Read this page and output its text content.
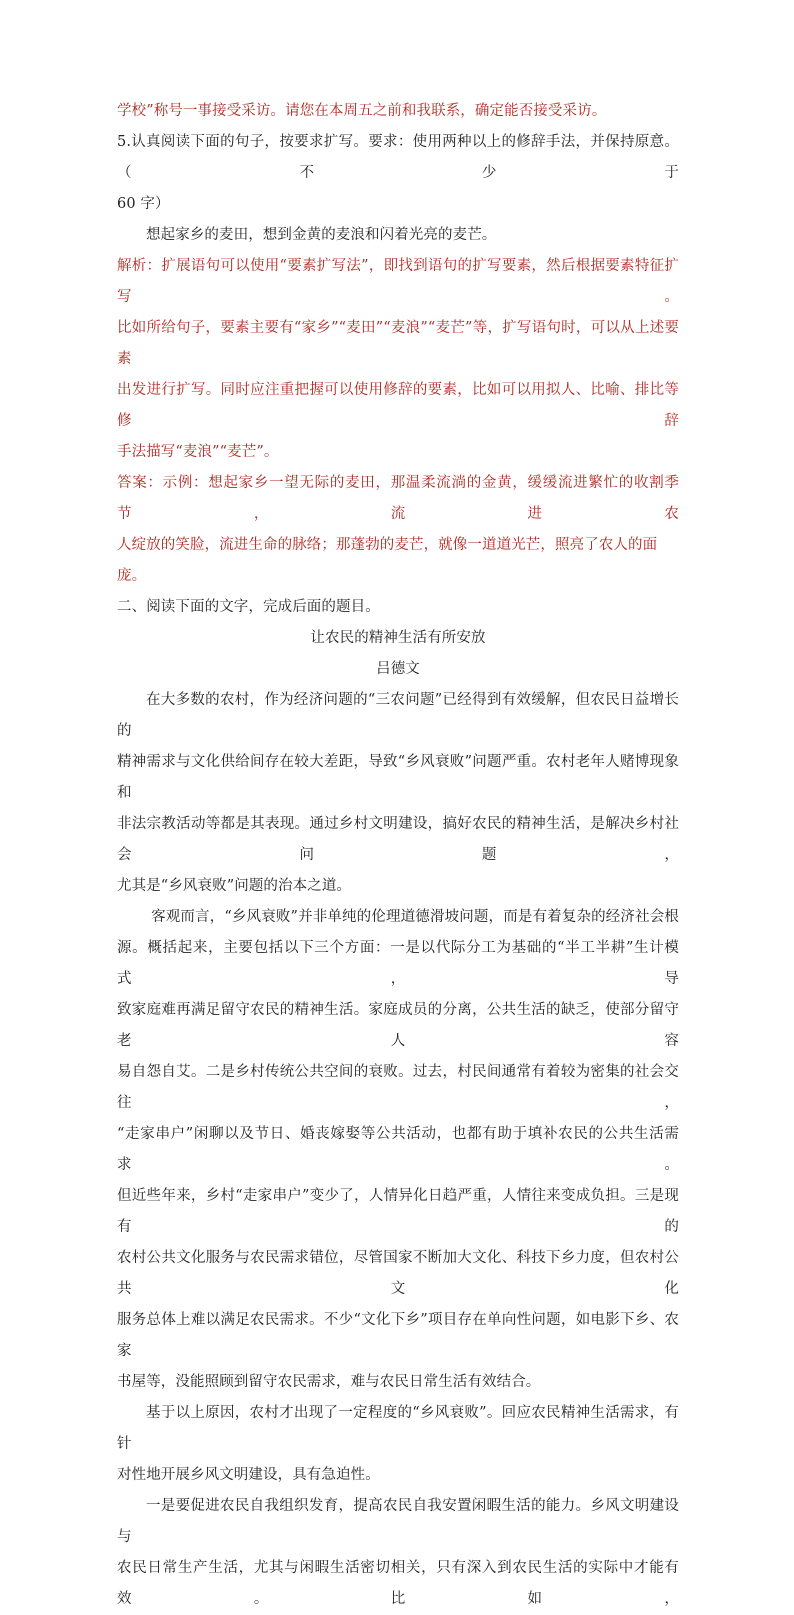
学校”称号一事接受采访。请您在本周五之前和我联系，确定能否接受采访。

5.认真阅读下面的句子，按要求扩写。要求：使用两种以上的修辞手法，并保持原意。（不少于

60 字）

想起家乡的麦田，想到金黄的麦浪和闪着光亮的麦芒。

解析：扩展语句可以使用“要素扩写法”，即找到语句的扩写要素，然后根据要素特征扩写。

比如所给句子，要素主要有“家乡”“麦田”“麦浪”“麦芒”等，扩写语句时，可以从上述要素

出发进行扩写。同时应注重把握可以使用修辞的要素，比如可以用拟人、比喻、排比等修辞

手法描写“麦浪”“麦芒”。

答案：示例：想起家乡一望无际的麦田，那温柔流淌的金黄，缓缓流进繁忙的收割季节，流进农

人绽放的笑脸，流进生命的脉络；那蓬勃的麦芒，就像一道道光芒，照亮了农人的面庞。

二、阅读下面的文字，完成后面的题目。

让农民的精神生活有所安放

吕德文

在大多数的农村，作为经济问题的“三农问题”已经得到有效缓解，但农民日益增长的

精神需求与文化供给间存在较大差距，导致“乡风衰败”问题严重。农村老年人赌博现象和

非法宗教活动等都是其表现。通过乡村文明建设，搞好农民的精神生活，是解决乡村社会问题，

尤其是“乡风衰败”问题的治本之道。

客观而言，“乡风衰败”并非单纯的伦理道德滑坡问题，而是有着复杂的经济社会根

源。概括起来，主要包括以下三个方面：一是以代际分工为基础的“半工半耕”生计模式，导

致家庭难再满足留守农民的精神生活。家庭成员的分离，公共生活的缺乏，使部分留守老人容

易自怨自艾。二是乡村传统公共空间的衰败。过去，村民间通常有着较为密集的社会交往，

“走家串户”闲聊以及节日、婚丧嫁娶等公共活动，也都有助于填补农民的公共生活需求。

但近些年来，乡村“走家串户”变少了，人情异化日趋严重，人情往来变成负担。三是现有的

农村公共文化服务与农民需求错位，尽管国家不断加大文化、科技下乡力度，但农村公共文化

服务总体上难以满足农民需求。不少“文化下乡”项目存在单向性问题，如电影下乡、农家

书屋等，没能照顾到留守农民需求，难与农民日常生活有效结合。

基于以上原因，农村才出现了一定程度的“乡风衰败”。回应农民精神生活需求，有针

对性地开展乡风文明建设，具有急迫性。

一是要促进农民自我组织发育，提高农民自我安置闲暇生活的能力。乡风文明建设与

农民日常生产生活，尤其与闲暇生活密切相关，只有深入到农民生活的实际中才能有效。比如，
